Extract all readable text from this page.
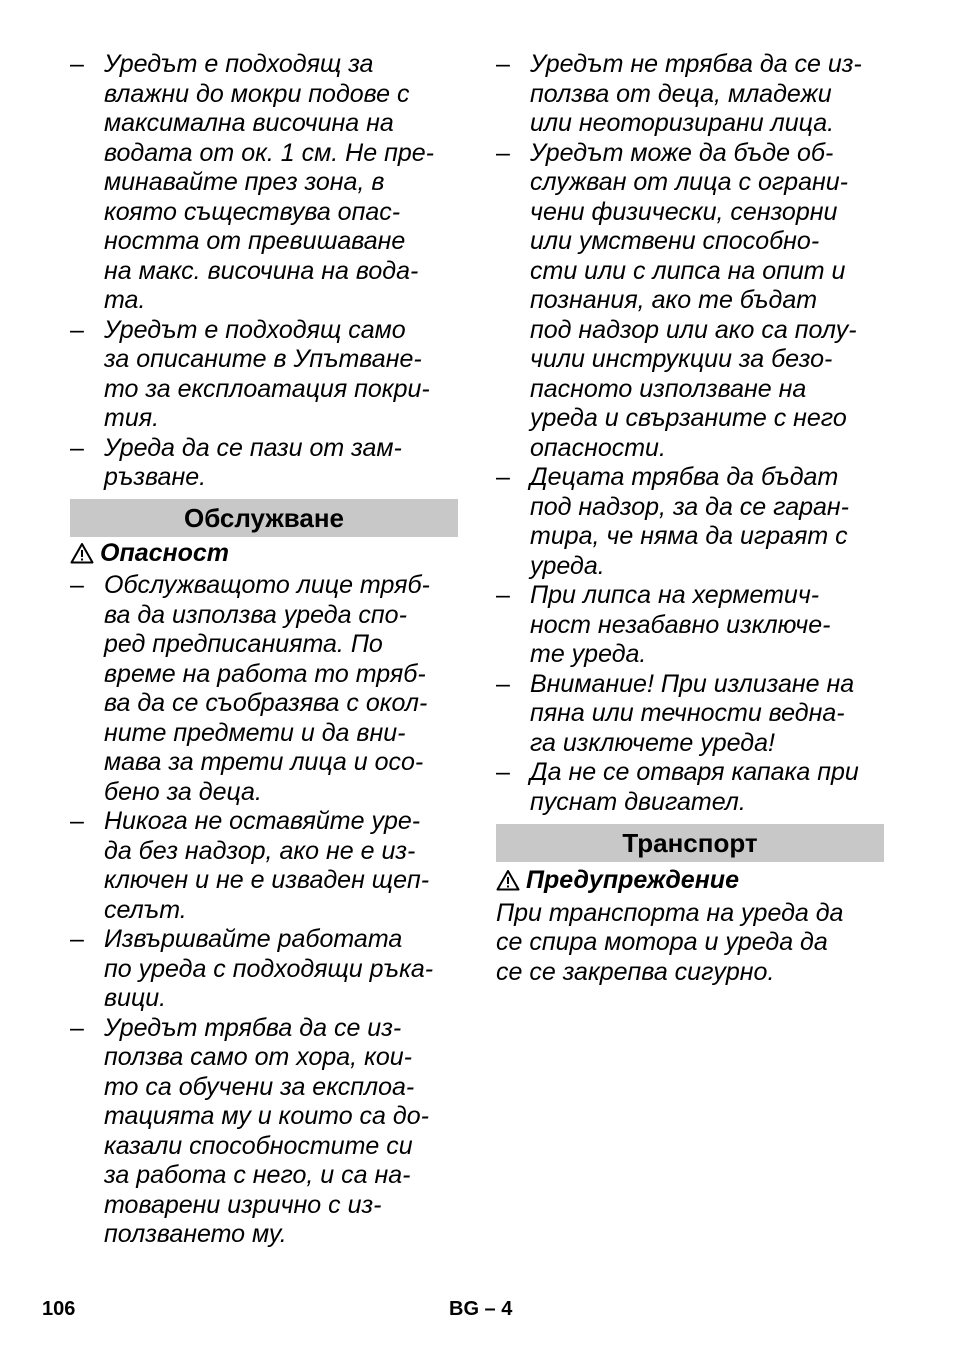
– Уредът е подходящ за
влажни до мокри подове с
максимална височина на
водата от ок. 1 см. Не пре-
минавайте през зона, в
която съществува опас-
ността от превишаване
на макс. височина на вода-
та.
– Уредът е подходящ само
за описаните в Упътване-
то за експлоатация покри-
тия.
– Уреда да се пази от зам-
ръзване.
Обслужване
Опасност
– Обслужващото лице тряб-
ва да използва уреда спо-
ред предписанията. По
време на работа то тряб-
ва да се съобразява с окол-
ните предмети и да вни-
мава за трети лица и осо-
бено за деца.
– Никога не оставяйте уре-
да без надзор, ако не е из-
ключен и не е изваден щеп-
селът.
– Извършвайте работата
по уреда с подходящи ръка-
вици.
– Уредът трябва да се из-
ползва само от хора, кои-
то са обучени за експлоа-
тацията му и които са до-
казали способностите си
за работа с него, и са на-
товарени изрично с из-
ползването му.
– Уредът не трябва да се из-
ползва от деца, младежи
или неоторизирани лица.
– Уредът може да бъде об-
служван от лица с ограни-
чени физически, сензорни
или умствени способно-
сти или с липса на опит и
познания, ако те бъдат
под надзор или ако са полу-
чили инструкции за безо-
пасното използване на
уреда и свързаните с него
опасности.
– Децата трябва да бъдат
под надзор, за да се гаран-
тира, че няма да играят с
уреда.
– При липса на херметич-
ност незабавно изключе-
те уреда.
– Внимание! При излизане на
пяна или течности ведна-
га изключете уреда!
– Да не се отваря капака при
пуснат двигател.
Транспорт
Предупреждение
При транспорта на уреда да
се спира мотора и уреда да
се се закрепва сигурно.
106	BG – 4
